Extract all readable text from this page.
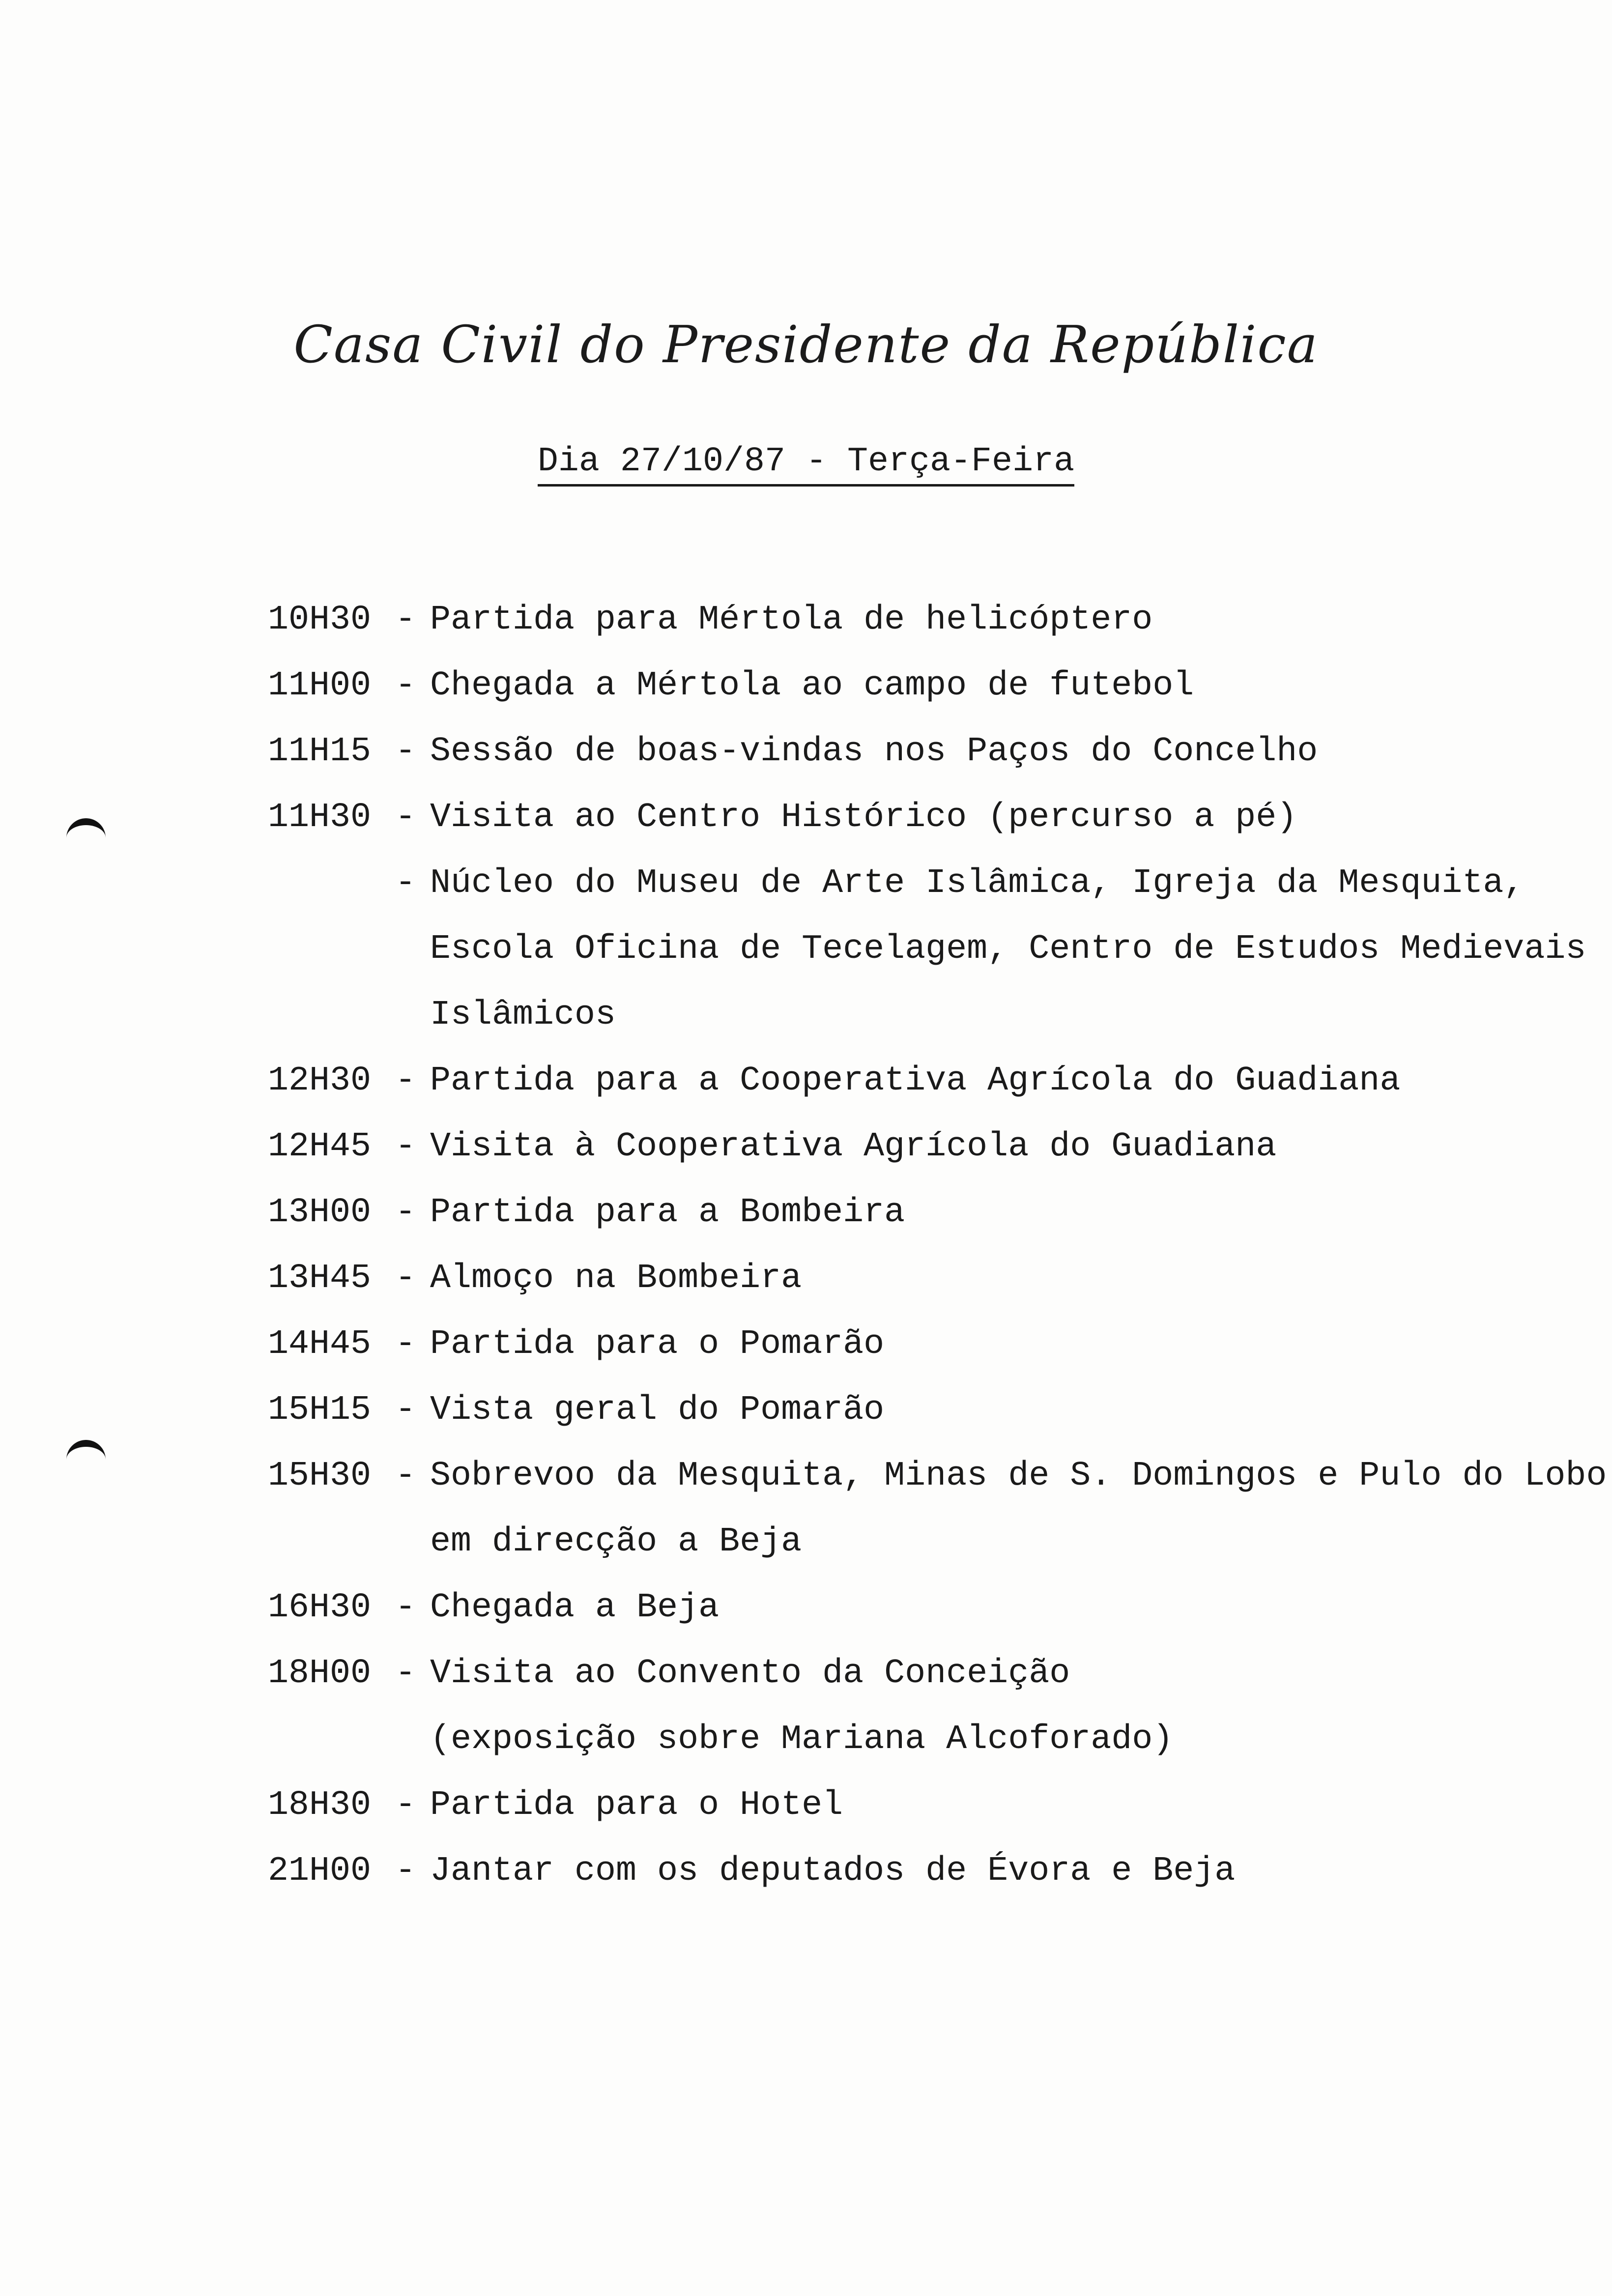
Casa Civil do Presidente da República
Dia 27/10/87 - Terça-Feira
10H30 - Partida para Mértola de helicóptero
11H00 - Chegada a Mértola ao campo de futebol
11H15 - Sessão de boas-vindas nos Paços do Concelho
11H30 - Visita ao Centro Histórico (percurso a pé)
- Núcleo do Museu de Arte Islâmica, Igreja da Mesquita,
Escola Oficina de Tecelagem, Centro de Estudos Medievais
Islâmicos
12H30 - Partida para a Cooperativa Agrícola do Guadiana
12H45 - Visita à Cooperativa Agrícola do Guadiana
13H00 - Partida para a Bombeira
13H45 - Almoço na Bombeira
14H45 - Partida para o Pomarão
15H15 - Vista geral do Pomarão
15H30 - Sobrevoo da Mesquita, Minas de S. Domingos e Pulo do Lobo
em direcção a Beja
16H30 - Chegada a Beja
18H00 - Visita ao Convento da Conceição
(exposição sobre Mariana Alcoforado)
18H30 - Partida para o Hotel
21H00 - Jantar com os deputados de Évora e Beja
